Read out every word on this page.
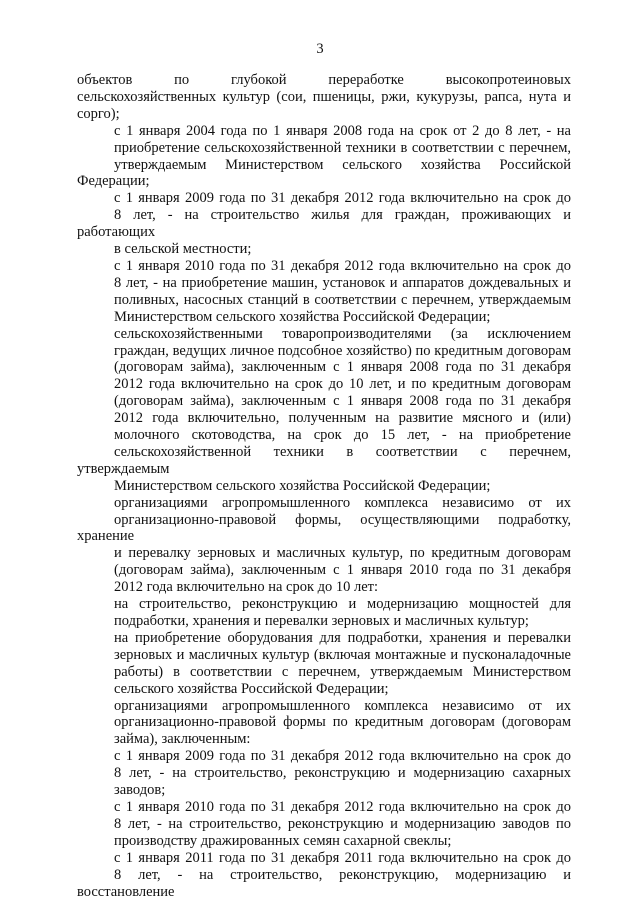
3

объектов по глубокой переработке высокопротеиновых
сельскохозяйственных культур (сои, пшеницы, ржи, кукурузы, рапса, нута и
сорго);

с 1 января 2004 года по 1 января 2008 года на срок от 2 до 8 лет, - на
приобретение сельскохозяйственной техники в соответствии с перечнем,
утверждаемым Министерством сельского хозяйства Российской Федерации;

с 1 января 2009 года по 31 декабря 2012 года включительно на срок до
8 лет, - на строительство жилья для граждан, проживающих и работающих
в сельской местности;

с 1 января 2010 года по 31 декабря 2012 года включительно на срок до
8 лет, - на приобретение машин, установок и аппаратов дождевальных и
поливных, насосных станций в соответствии с перечнем, утверждаемым
Министерством сельского хозяйства Российской Федерации;

сельскохозяйственными товаропроизводителями (за исключением
граждан, ведущих личное подсобное хозяйство) по кредитным договорам
(договорам займа), заключенным с 1 января 2008 года по 31 декабря
2012 года включительно на срок до 10 лет, и по кредитным договорам
(договорам займа), заключенным с 1 января 2008 года по 31 декабря
2012 года включительно, полученным на развитие мясного и (или)
молочного скотоводства, на срок до 15 лет, - на приобретение
сельскохозяйственной техники в соответствии с перечнем, утверждаемым
Министерством сельского хозяйства Российской Федерации;

организациями агропромышленного комплекса независимо от их
организационно-правовой формы, осуществляющими подработку, хранение
и перевалку зерновых и масличных культур, по кредитным договорам
(договорам займа), заключенным с 1 января 2010 года по 31 декабря
2012 года включительно на срок до 10 лет:

на строительство, реконструкцию и модернизацию мощностей для
подработки, хранения и перевалки зерновых и масличных культур;

на приобретение оборудования для подработки, хранения и перевалки
зерновых и масличных культур (включая монтажные и пусконаладочные
работы) в соответствии с перечнем, утверждаемым Министерством
сельского хозяйства Российской Федерации;

организациями агропромышленного комплекса независимо от их
организационно-правовой формы по кредитным договорам (договорам
займа), заключенным:

с 1 января 2009 года по 31 декабря 2012 года включительно на срок до
8 лет, - на строительство, реконструкцию и модернизацию сахарных
заводов;

с 1 января 2010 года по 31 декабря 2012 года включительно на срок до
8 лет, - на строительство, реконструкцию и модернизацию заводов по
производству дражированных семян сахарной свеклы;

с 1 января 2011 года по 31 декабря 2011 года включительно на срок до
8 лет, - на строительство, реконструкцию, модернизацию и восстановление
